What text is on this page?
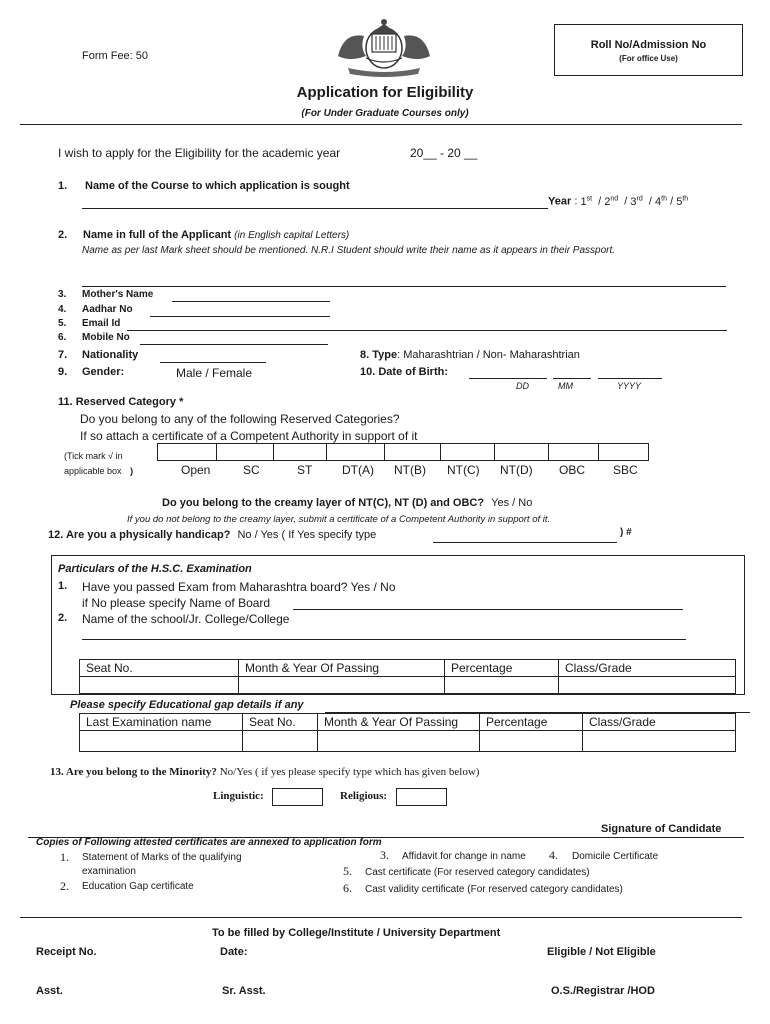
Form Fee: 50
Roll No/Admission No
(For office Use)
Application for Eligibility
(For Under Graduate Courses only)
I wish to apply for the Eligibility for the academic year	20__ - 20 __
1. Name of the Course to which application is sought
Year : 1st  / 2nd  / 3rd  / 4th / 5th
2. Name in full of the Applicant (in English capital Letters)
Name as per last Mark sheet should be mentioned. N.R.I Student should write their name as it appears in their Passport.
3. Mother's Name
4. Aadhar No
5. Email Id
6. Mobile No
7. Nationality	8. Type: Maharashtrian / Non- Maharashtrian
9. Gender:	Male / Female	10. Date of Birth:
DD	MM	YYYY
11. Reserved Category *
Do you belong to any of the following Reserved Categories?
If so attach a certificate of a Competent Authority in support of it
(Tick mark √ in
applicable box )	Open	SC	ST DT(A) NT(B) NT(C) NT(D) OBC SBC
Do you belong to the creamy layer of NT(C), NT (D) and OBC? Yes / No
If you do not belong to the creamy layer, submit a certificate of a Competent Authority in support of it.
12. Are you a physically handicap? No / Yes ( If Yes specify type	) #
Particulars of the H.S.C. Examination
1. Have you passed Exam from Maharashtra board? Yes / No
if No please specify Name of Board
2. Name of the school/Jr. College/College
Seat No.	Month & Year Of Passing	Percentage	Class/Grade

Please specify Educational gap details if any
Last Examination name	Seat No.	Month & Year Of Passing	Percentage	Class/Grade

13. Are you belong to the Minority? No/Yes ( if yes please specify type which has given below)
Linguistic:	Religious:
Signature of Candidate
Copies of Following attested certificates are annexed to application form
1. Statement of Marks of the qualifying
examination
2. Education Gap certificate
3. Affidavit for change in name 4. Domicile Certificate
5. Cast certificate (For reserved category candidates)
6. Cast validity certificate (For reserved category candidates)
To be filled by College/Institute / University Department
Receipt No.	Date:	Eligible / Not Eligible
Asst.	Sr. Asst.	O.S./Registrar /HOD
